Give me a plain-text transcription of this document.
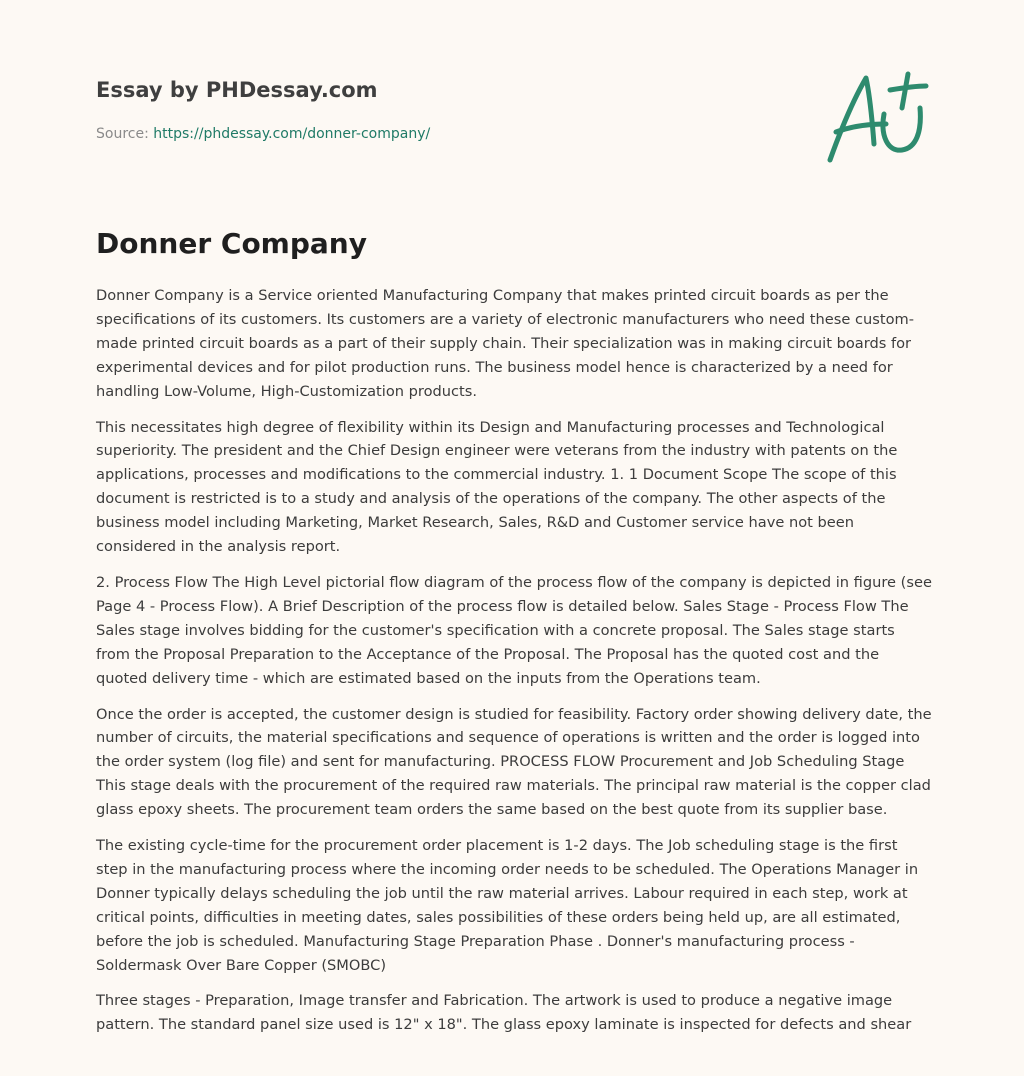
Essay by PHDessay.com
Source: https://phdessay.com/donner-company/
Donner Company

Donner Company is a Service oriented Manufacturing Company that makes printed circuit boards as per the specifications of its customers. Its customers are a variety of electronic manufacturers who need these custom-made printed circuit boards as a part of their supply chain. Their specialization was in making circuit boards for experimental devices and for pilot production runs. The business model hence is characterized by a need for handling Low-Volume, High-Customization products.

This necessitates high degree of flexibility within its Design and Manufacturing processes and Technological superiority. The president and the Chief Design engineer were veterans from the industry with patents on the applications, processes and modifications to the commercial industry. 1. 1 Document Scope The scope of this document is restricted is to a study and analysis of the operations of the company. The other aspects of the business model including Marketing, Market Research, Sales, R&D and Customer service have not been considered in the analysis report.

2. Process Flow The High Level pictorial flow diagram of the process flow of the company is depicted in figure (see Page 4 - Process Flow). A Brief Description of the process flow is detailed below. Sales Stage - Process Flow The Sales stage involves bidding for the customer's specification with a concrete proposal. The Sales stage starts from the Proposal Preparation to the Acceptance of the Proposal. The Proposal has the quoted cost and the quoted delivery time - which are estimated based on the inputs from the Operations team.

Once the order is accepted, the customer design is studied for feasibility. Factory order showing delivery date, the number of circuits, the material specifications and sequence of operations is written and the order is logged into the order system (log file) and sent for manufacturing. PROCESS FLOW Procurement and Job Scheduling Stage This stage deals with the procurement of the required raw materials. The principal raw material is the copper clad glass epoxy sheets. The procurement team orders the same based on the best quote from its supplier base.

The existing cycle-time for the procurement order placement is 1-2 days. The Job scheduling stage is the first step in the manufacturing process where the incoming order needs to be scheduled. The Operations Manager in Donner typically delays scheduling the job until the raw material arrives. Labour required in each step, work at critical points, difficulties in meeting dates, sales possibilities of these orders being held up, are all estimated, before the job is scheduled. Manufacturing Stage Preparation Phase . Donner's manufacturing process - Soldermask Over Bare Copper (SMOBC)

Three stages - Preparation, Image transfer and Fabrication. The artwork is used to produce a negative image pattern. The standard panel size used is 12" x 18". The glass epoxy laminate is inspected for defects and shear
